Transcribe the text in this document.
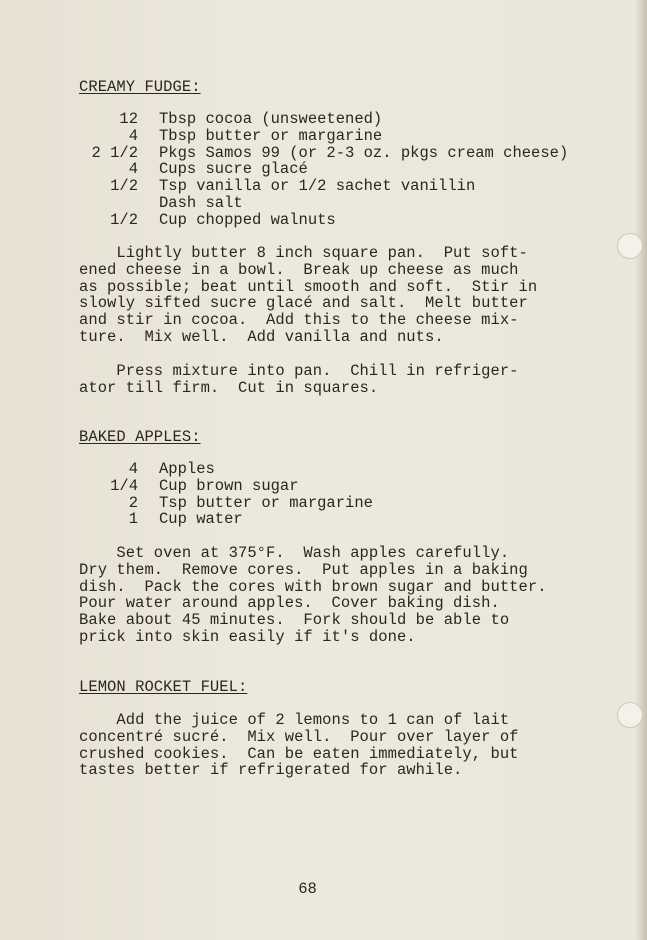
CREAMY FUDGE:
12 Tbsp cocoa (unsweetened)
4 Tbsp butter or margarine
2 1/2 Pkgs Samos 99 (or 2-3 oz. pkgs cream cheese)
4 Cups sucre glacé
1/2 Tsp vanilla or 1/2 sachet vanillin
Dash salt
1/2 Cup chopped walnuts
Lightly butter 8 inch square pan.  Put soft-
ened cheese in a bowl.  Break up cheese as much
as possible; beat until smooth and soft.  Stir in
slowly sifted sucre glacé and salt.  Melt butter
and stir in cocoa.  Add this to the cheese mix-
ture.  Mix well.  Add vanilla and nuts.
Press mixture into pan.  Chill in refriger-
ator till firm.  Cut in squares.
BAKED APPLES:
4 Apples
1/4 Cup brown sugar
2 Tsp butter or margarine
1 Cup water
Set oven at 375°F.  Wash apples carefully.
Dry them.  Remove cores.  Put apples in a baking
dish.  Pack the cores with brown sugar and butter.
Pour water around apples.  Cover baking dish.
Bake about 45 minutes.  Fork should be able to
prick into skin easily if it's done.
LEMON ROCKET FUEL:
Add the juice of 2 lemons to 1 can of lait
concentré sucré.  Mix well.  Pour over layer of
crushed cookies.  Can be eaten immediately, but
tastes better if refrigerated for awhile.
68
